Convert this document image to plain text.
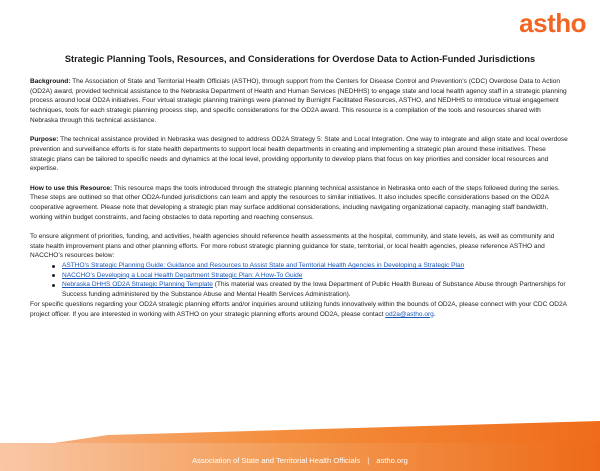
astho
Strategic Planning Tools, Resources, and Considerations for Overdose Data to Action-Funded Jurisdictions

Background: The Association of State and Territorial Health Officials (ASTHO), through support from the Centers for Disease Control and Prevention’s (CDC) Overdose Data to Action (OD2A) award, provided technical assistance to the Nebraska Department of Health and Human Services (NEDHHS) to engage state and local health agency staff in a strategic planning process around local OD2A initiatives. Four virtual strategic planning trainings were planned by Burnight Facilitated Resources, ASTHO, and NEDHHS to introduce virtual engagement techniques, tools for each strategic planning process step, and specific considerations for the OD2A award. This resource is a compilation of the tools and resources shared with Nebraska through this technical assistance.

Purpose: The technical assistance provided in Nebraska was designed to address OD2A Strategy 5: State and Local Integration. One way to integrate and align state and local overdose prevention and surveillance efforts is for state health departments to support local health departments in creating and implementing a strategic plan around these initiatives. These strategic plans can be tailored to specific needs and dynamics at the local level, providing opportunity to develop plans that focus on key priorities and consider local resources and expertise.

How to use this Resource: This resource maps the tools introduced through the strategic planning technical assistance in Nebraska onto each of the steps followed during the series. These steps are outlined so that other OD2A-funded jurisdictions can learn and apply the resources to similar initiatives. It also includes specific considerations based on the OD2A cooperative agreement. Please note that developing a strategic plan may surface additional considerations, including navigating organizational capacity, managing staff bandwidth, working within budget constraints, and facing obstacles to data reporting and reaching consensus.

To ensure alignment of priorities, funding, and activities, health agencies should reference health assessments at the hospital, community, and state levels, as well as community and state health improvement plans and other planning efforts. For more robust strategic planning guidance for state, territorial, or local health agencies, please reference ASTHO and NACCHO’s resources below:
ASTHO’s Strategic Planning Guide: Guidance and Resources to Assist State and Territorial Health Agencies in Developing a Strategic Plan
NACCHO’s Developing a Local Health Department Strategic Plan: A How-To Guide
Nebraska DHHS OD2A Strategic Planning Template (This material was created by the Iowa Department of Public Health Bureau of Substance Abuse through Partnerships for Success funding administered by the Substance Abuse and Mental Health Services Administration).

For specific questions regarding your OD2A strategic planning efforts and/or inquiries around utilizing funds innovatively within the bounds of OD2A, please connect with your CDC OD2A project officer. If you are interested in working with ASTHO on your strategic planning efforts around OD2A, please contact od2a@astho.org.

Association of State and Territorial Health Officials | astho.org
